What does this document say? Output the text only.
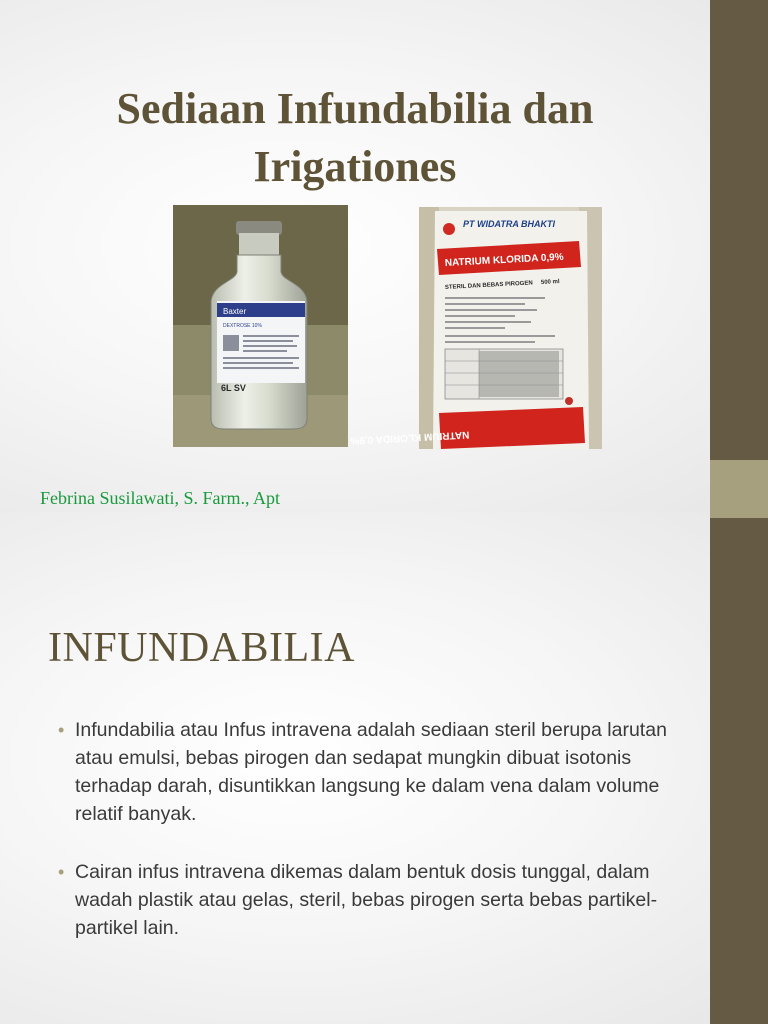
Sediaan Infundabilia dan
Irigationes
Baxter
DEXTROSE 10%
6L SV
PT WIDATRA BHAKTI
NATRIUM KLORIDA 0,9%
STERIL DAN BEBAS PIROGEN 500 ml
NATRIUM KLORIDA 0,9%
Febrina Susilawati, S. Farm., Apt
INFUNDABILIA
• Infundabilia atau Infus intravena adalah sediaan steril berupa larutan atau emulsi, bebas pirogen dan sedapat mungkin dibuat isotonis terhadap darah, disuntikkan langsung ke dalam vena dalam volume relatif banyak.
• Cairan infus intravena dikemas dalam bentuk dosis tunggal, dalam wadah plastik atau gelas, steril, bebas pirogen serta bebas partikel-partikel lain.
